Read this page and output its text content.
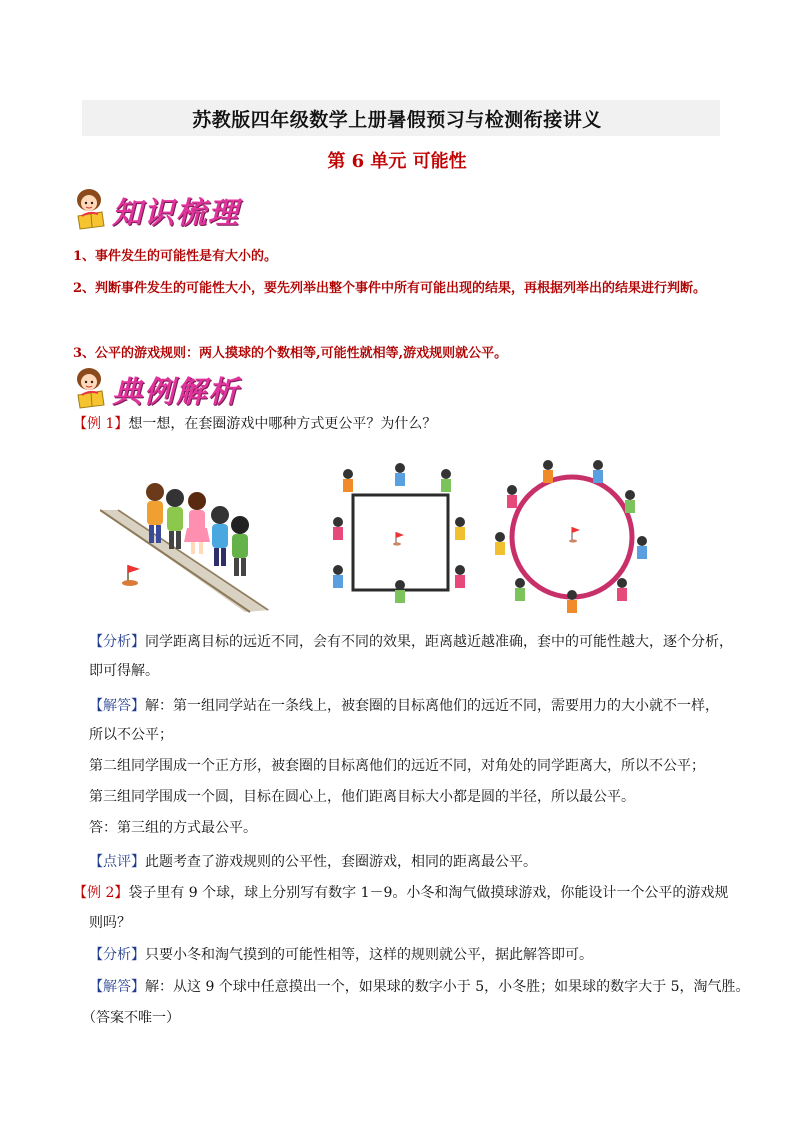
苏教版四年级数学上册暑假预习与检测衔接讲义
第 6 单元 可能性
知识梳理
1、事件发生的可能性是有大小的。
2、判断事件发生的可能性大小，要先列举出整个事件中所有可能出现的结果，再根据列举出的结果进行判断。
3、公平的游戏规则：两人摸球的个数相等,可能性就相等,游戏规则就公平。
典例解析
【例 1】想一想，在套圈游戏中哪种方式更公平？为什么？
【分析】同学距离目标的远近不同，会有不同的效果，距离越近越准确，套中的可能性越大，逐个分析，
即可得解。
【解答】解：第一组同学站在一条线上，被套圈的目标离他们的远近不同，需要用力的大小就不一样，
所以不公平；
第二组同学围成一个正方形，被套圈的目标离他们的远近不同，对角处的同学距离大，所以不公平；
第三组同学围成一个圆，目标在圆心上，他们距离目标大小都是圆的半径，所以最公平。
答：第三组的方式最公平。
【点评】此题考查了游戏规则的公平性，套圈游戏，相同的距离最公平。
【例 2】袋子里有 9 个球，球上分别写有数字 1－9。小冬和淘气做摸球游戏，你能设计一个公平的游戏规
则吗？
【分析】只要小冬和淘气摸到的可能性相等，这样的规则就公平，据此解答即可。
【解答】解：从这 9 个球中任意摸出一个，如果球的数字小于 5，小冬胜；如果球的数字大于 5，淘气胜。
（答案不唯一）
